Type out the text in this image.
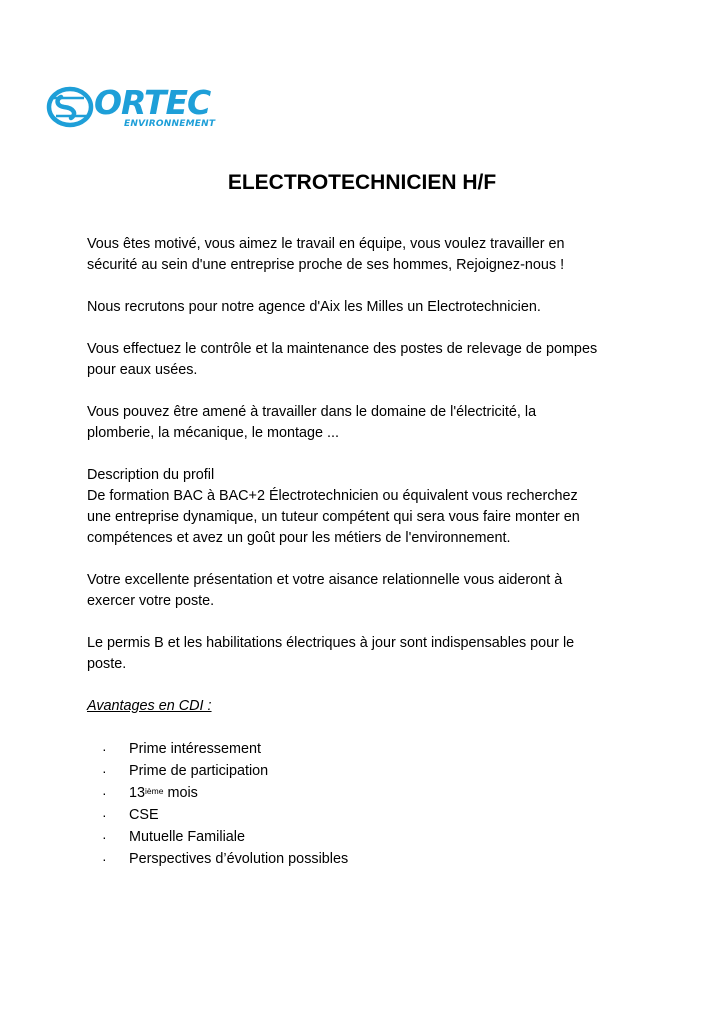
ORTEC
ENVIRONNEMENT
ELECTROTECHNICIEN H/F

Vous êtes motivé, vous aimez le travail en équipe, vous voulez travailler en
sécurité au sein d'une entreprise proche de ses hommes, Rejoignez-nous !

Nous recrutons pour notre agence d'Aix les Milles un Electrotechnicien.

Vous effectuez le contrôle et la maintenance des postes de relevage de pompes
pour eaux usées.

Vous pouvez être amené à travailler dans le domaine de l'électricité, la
plomberie, la mécanique, le montage ...

Description du profil
De formation BAC à BAC+2 Électrotechnicien ou équivalent vous recherchez
une entreprise dynamique, un tuteur compétent qui sera vous faire monter en
compétences et avez un goût pour les métiers de l'environnement.

Votre excellente présentation et votre aisance relationnelle vous aideront à
exercer votre poste.

Le permis B et les habilitations électriques à jour sont indispensables pour le
poste.

Avantages en CDI :
· Prime intéressement
· Prime de participation
· 13ième mois
· CSE
· Mutuelle Familiale
· Perspectives d’évolution possibles
